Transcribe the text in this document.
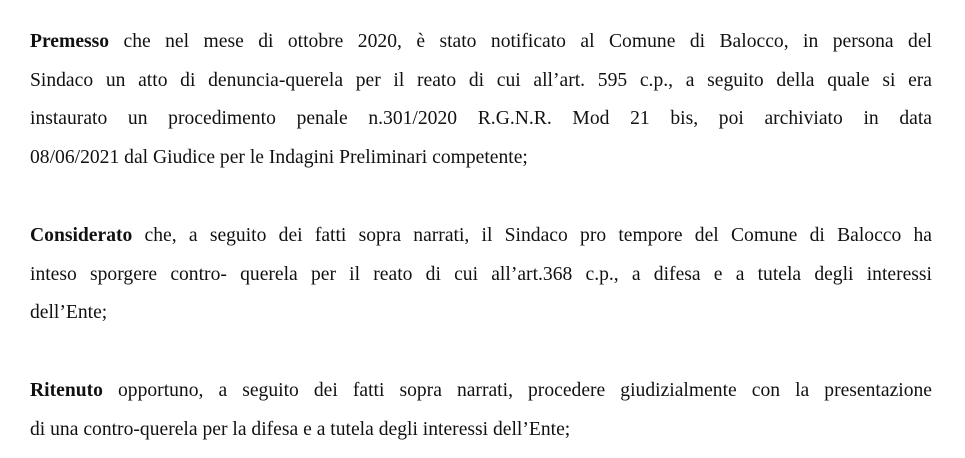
Premesso che nel mese di ottobre 2020, è stato notificato al Comune di Balocco, in persona del
Sindaco un atto di denuncia-querela per il reato di cui all’art. 595 c.p., a seguito della quale si era
instaurato un procedimento penale n.301/2020 R.G.N.R. Mod 21 bis, poi archiviato in data
08/06/2021 dal Giudice per le Indagini Preliminari competente;
Considerato che, a seguito dei fatti sopra narrati, il Sindaco pro tempore del Comune di Balocco ha
inteso sporgere contro- querela per il reato di cui all’art.368 c.p., a difesa e a tutela degli interessi
dell’Ente;
Ritenuto opportuno, a seguito dei fatti sopra narrati, procedere giudizialmente con la presentazione
di una contro-querela per la difesa e a tutela degli interessi dell’Ente;
